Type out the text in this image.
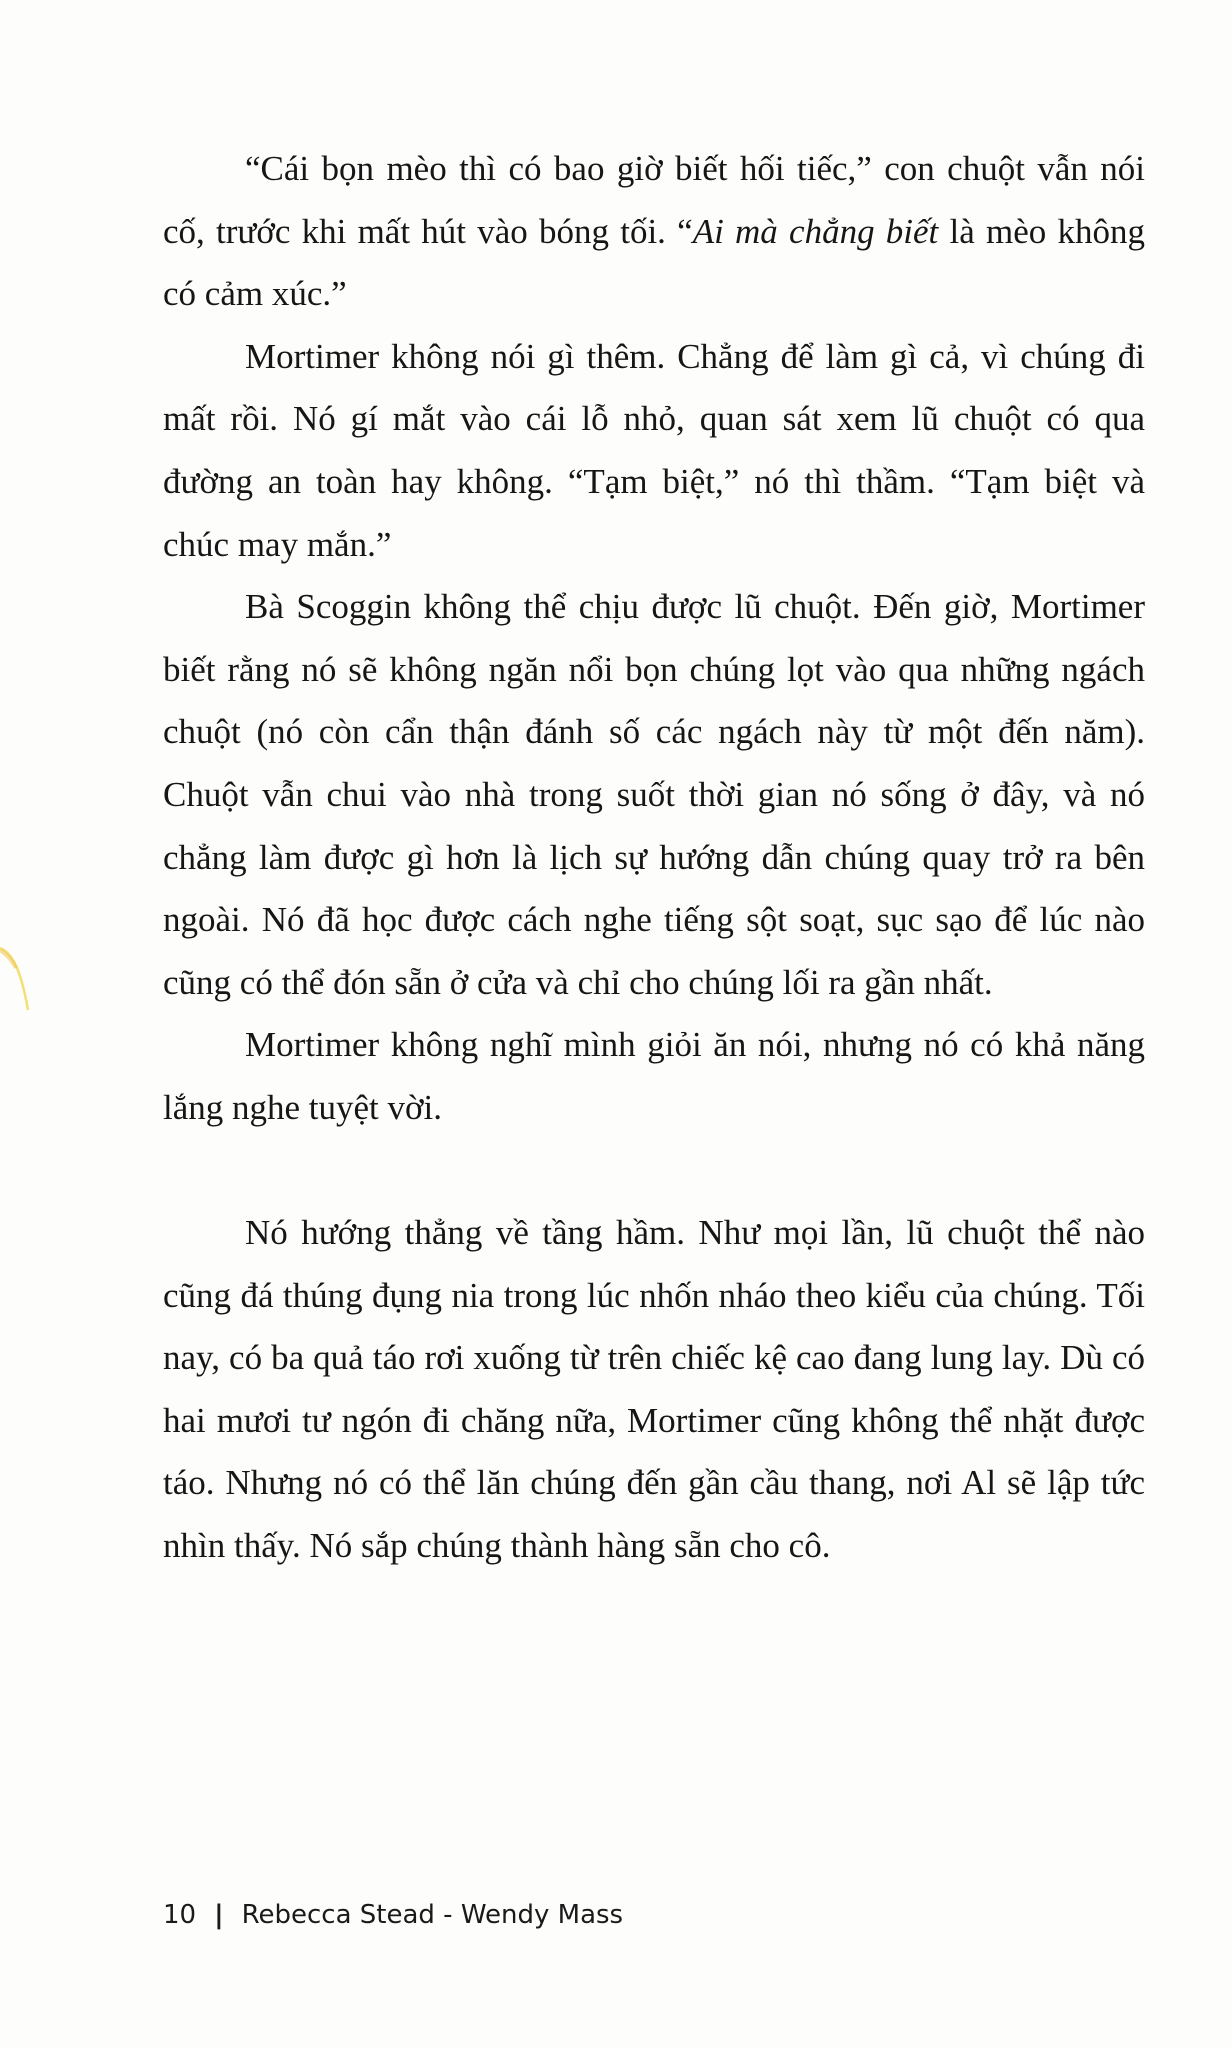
“Cái bọn mèo thì có bao giờ biết hối tiếc,” con chuột vẫn nói cố, trước khi mất hút vào bóng tối. “Ai mà chẳng biết là mèo không có cảm xúc.”

Mortimer không nói gì thêm. Chẳng để làm gì cả, vì chúng đi mất rồi. Nó gí mắt vào cái lỗ nhỏ, quan sát xem lũ chuột có qua đường an toàn hay không. “Tạm biệt,” nó thì thầm. “Tạm biệt và chúc may mắn.”

Bà Scoggin không thể chịu được lũ chuột. Đến giờ, Mortimer biết rằng nó sẽ không ngăn nổi bọn chúng lọt vào qua những ngách chuột (nó còn cẩn thận đánh số các ngách này từ một đến năm). Chuột vẫn chui vào nhà trong suốt thời gian nó sống ở đây, và nó chẳng làm được gì hơn là lịch sự hướng dẫn chúng quay trở ra bên ngoài. Nó đã học được cách nghe tiếng sột soạt, sục sạo để lúc nào cũng có thể đón sẵn ở cửa và chỉ cho chúng lối ra gần nhất.

Mortimer không nghĩ mình giỏi ăn nói, nhưng nó có khả năng lắng nghe tuyệt vời.

Nó hướng thẳng về tầng hầm. Như mọi lần, lũ chuột thể nào cũng đá thúng đụng nia trong lúc nhốn nháo theo kiểu của chúng. Tối nay, có ba quả táo rơi xuống từ trên chiếc kệ cao đang lung lay. Dù có hai mươi tư ngón đi chăng nữa, Mortimer cũng không thể nhặt được táo. Nhưng nó có thể lăn chúng đến gần cầu thang, nơi Al sẽ lập tức nhìn thấy. Nó sắp chúng thành hàng sẵn cho cô.

10 | Rebecca Stead - Wendy Mass
